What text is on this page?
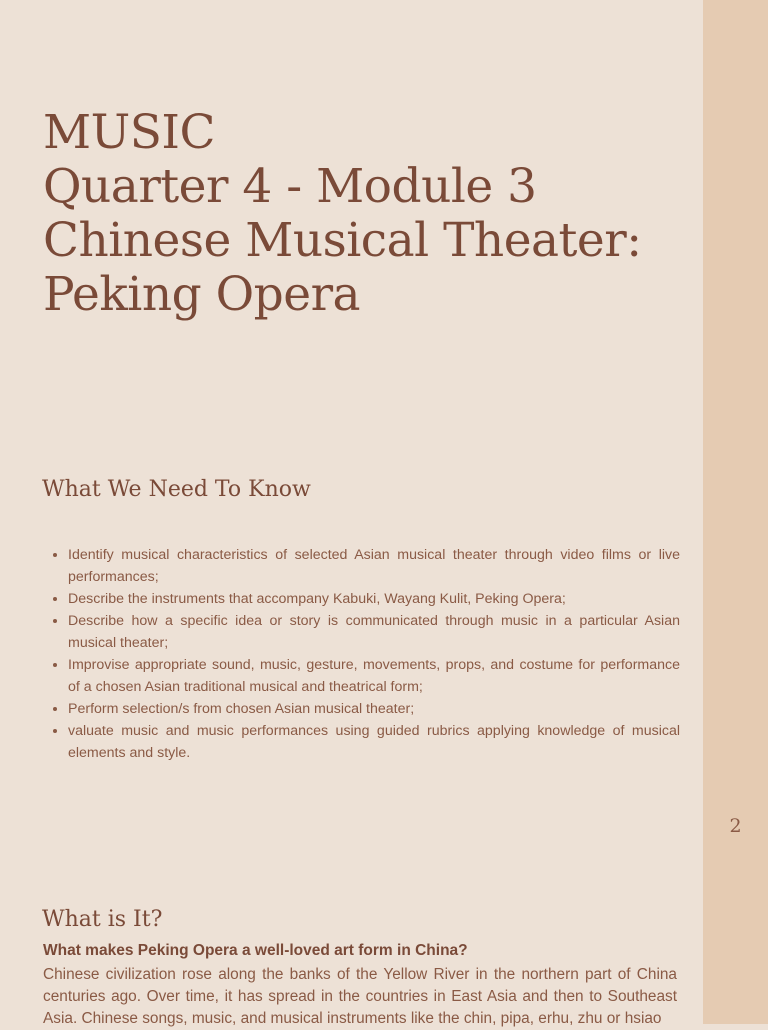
2
MUSIC
Quarter 4 - Module 3
Chinese Musical Theater:
Peking Opera
What We Need To Know
• Identify musical characteristics of selected Asian musical theater through video films or live performances;
• Describe the instruments that accompany Kabuki, Wayang Kulit, Peking Opera;
• Describe how a specific idea or story is communicated through music in a particular Asian musical theater;
• Improvise appropriate sound, music, gesture, movements, props, and costume for performance of a chosen Asian traditional musical and theatrical form;
• Perform selection/s from chosen Asian musical theater;
• valuate music and music performances using guided rubrics applying knowledge of musical elements and style.
What is It?
What makes Peking Opera a well-loved art form in China?

Chinese civilization rose along the banks of the Yellow River in the northern part of China centuries ago. Over time, it has spread in the countries in East Asia and then to Southeast Asia. Chinese songs, music, and musical instruments like the chin, pipa, erhu, zhu or hsiao
